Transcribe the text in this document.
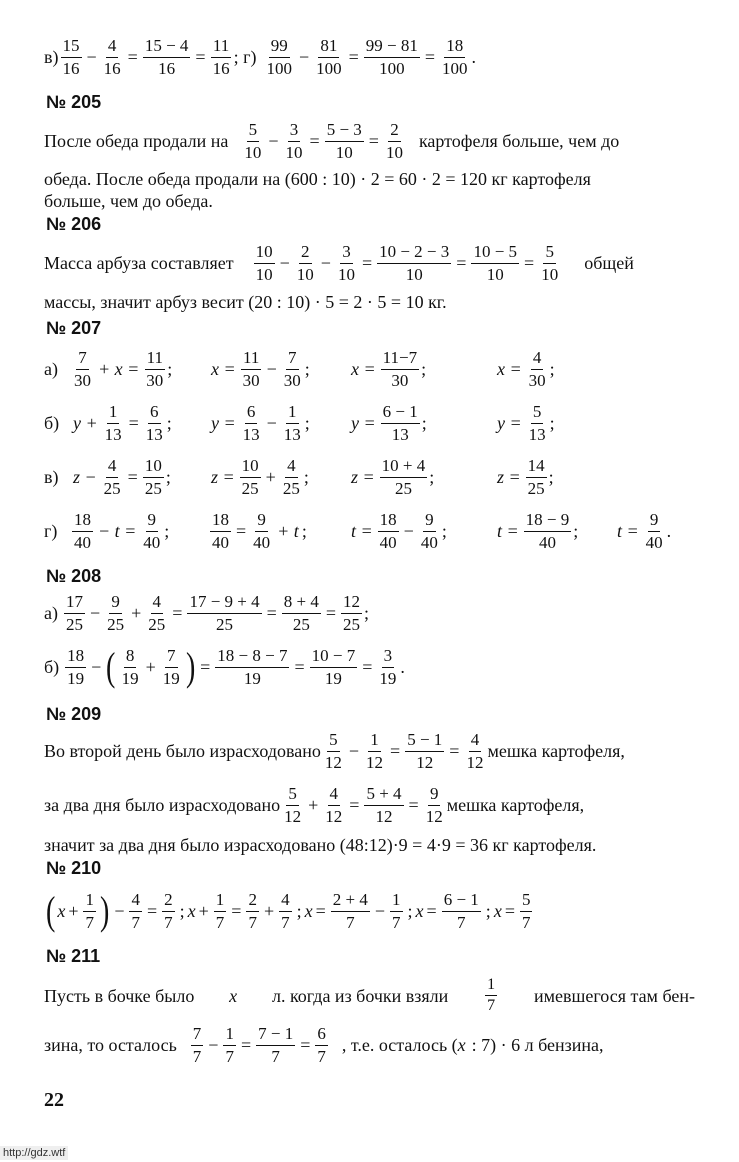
$в) \frac{15}{16} - \frac{4}{16} = \frac{15 - 4}{16} = \frac{11}{16}$ ; $г) \frac{99}{100} - \frac{81}{100} = \frac{99 - 81}{100} = \frac{18}{100}$ .
№ 205
После обеда продали на $\frac{5}{10} - \frac{3}{10} = \frac{5 - 3}{10} = \frac{2}{10}$ картофеля больше, чем до
обеда. После обеда продали на (600 : 10) · 2 = 60 · 2 = 120 кг картофеля
больше, чем до обеда.
№ 206
Масса арбуза составляет $\frac{10}{10} - \frac{2}{10} - \frac{3}{10} = \frac{10 - 2 - 3}{10} = \frac{10 - 5}{10} = \frac{5}{10}$ общей
массы, значит арбуз весит (20 : 10) · 5 = 2 · 5 = 10 кг.
№ 207
$а) \frac{7}{30} + x = \frac{11}{30}$ ;	$x = \frac{11}{30} - \frac{7}{30}$ ;	$x = \frac{11-7}{30}$ ;	$x = \frac{4}{30}$ ;
б) $y + \frac{1}{13} = \frac{6}{13}$ ;	$y = \frac{6}{13} - \frac{1}{13}$ ;	$y = \frac{6 - 1}{13}$ ;	$y = \frac{5}{13}$ ;
в) $z - \frac{4}{25} = \frac{10}{25}$ ;	$z = \frac{10}{25} + \frac{4}{25}$ ;	$z = \frac{10 + 4}{25}$ ;	$z = \frac{14}{25}$ ;
$г) \frac{18}{40} - t = \frac{9}{40}$ ;	$\frac{18}{40} = \frac{9}{40} + t$ ;	$t = \frac{18}{40} - \frac{9}{40}$ ;	$t = \frac{18 - 9}{40}$ ;	$t = \frac{9}{40}$ .
№ 208
$а) \frac{17}{25} - \frac{9}{25} + \frac{4}{25} = \frac{17 - 9 + 4}{25} = \frac{8 + 4}{25} = \frac{12}{25}$ ;
$б) \frac{18}{19}$ − ( $\frac{8}{19} + \frac{7}{19}$ ) = $\frac{18 - 8 - 7}{19} = \frac{10 - 7}{19} = \frac{3}{19}$ .
№ 209
Во второй день было израсходовано $\frac{5}{12} - \frac{1}{12} = \frac{5 - 1}{12} = \frac{4}{12}$ мешка картофеля,
за два дня было израсходовано $\frac{5}{12} + \frac{4}{12} = \frac{5 + 4}{12} = \frac{9}{12}$ мешка картофеля,
значит за два дня было израсходовано (48:12)·9 = 4·9 = 36 кг картофеля.
№ 210
( $x + \frac{1}{7}$ ) − $\frac{4}{7} = \frac{2}{7}$ ; $x + \frac{1}{7} = \frac{2}{7} + \frac{4}{7}$ ; $x = \frac{2 + 4}{7} - \frac{1}{7}$ ; $x = \frac{6 - 1}{7}$ ; $x = \frac{5}{7}$
№ 211
Пусть в бочке было x л. когда из бочки взяли $\frac{1}{7}$ имевшегося там бен-
зина, то осталось $\frac{7}{7} - \frac{1}{7} = \frac{7 - 1}{7} = \frac{6}{7}$ , т.е. осталось ( x : 7) · 6 л бензина,
22
http://gdz.wtf
